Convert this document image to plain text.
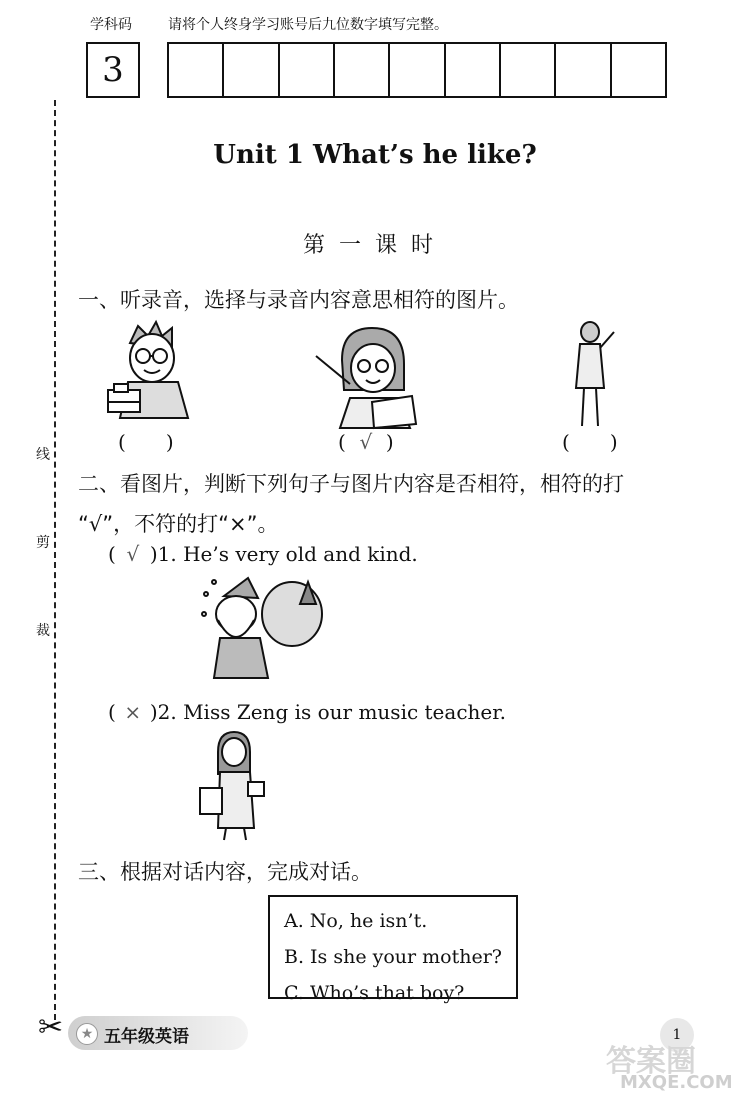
学科码	请将个人终身学习账号后九位数字填写完整。
3
线
剪
裁
Unit 1 What’s he like?
第一课时
一、听录音，选择与录音内容意思相符的图片。
( )	( √ )	( )
二、看图片，判断下列句子与图片内容是否相符，相符的打
“√”，不符的打“×”。
( √ )1. He’s very old and kind.
( × )2. Miss Zeng is our music teacher.
三、根据对话内容，完成对话。
A. No, he isn’t.
B. Is she your mother?
C. Who’s that boy?
✂	★ 五年级英语	1
答案圈
MXQE.COM
